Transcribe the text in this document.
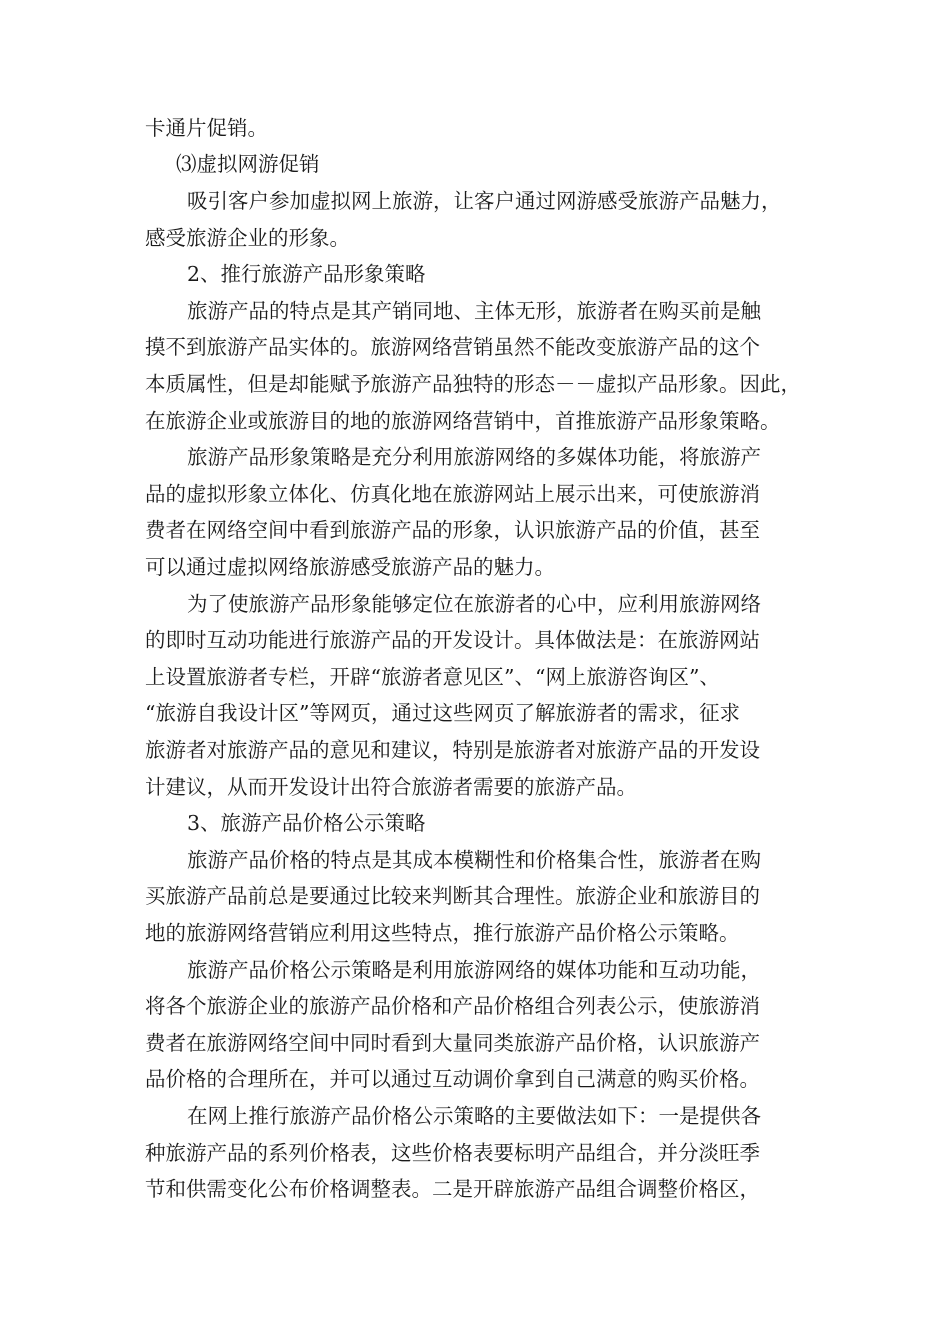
卡通片促销。

⑶虚拟网游促销

吸引客户参加虚拟网上旅游，让客户通过网游感受旅游产品魅力，

感受旅游企业的形象。

2、推行旅游产品形象策略

旅游产品的特点是其产销同地、主体无形，旅游者在购买前是触

摸不到旅游产品实体的。旅游网络营销虽然不能改变旅游产品的这个

本质属性，但是却能赋予旅游产品独特的形态－－虚拟产品形象。因此，

在旅游企业或旅游目的地的旅游网络营销中，首推旅游产品形象策略。

旅游产品形象策略是充分利用旅游网络的多媒体功能，将旅游产

品的虚拟形象立体化、仿真化地在旅游网站上展示出来，可使旅游消

费者在网络空间中看到旅游产品的形象，认识旅游产品的价值，甚至

可以通过虚拟网络旅游感受旅游产品的魅力。

为了使旅游产品形象能够定位在旅游者的心中，应利用旅游网络

的即时互动功能进行旅游产品的开发设计。具体做法是：在旅游网站

上设置旅游者专栏，开辟“旅游者意见区”、“网上旅游咨询区”、

“旅游自我设计区”等网页，通过这些网页了解旅游者的需求，征求

旅游者对旅游产品的意见和建议，特别是旅游者对旅游产品的开发设

计建议，从而开发设计出符合旅游者需要的旅游产品。

3、旅游产品价格公示策略

旅游产品价格的特点是其成本模糊性和价格集合性，旅游者在购

买旅游产品前总是要通过比较来判断其合理性。旅游企业和旅游目的

地的旅游网络营销应利用这些特点，推行旅游产品价格公示策略。

旅游产品价格公示策略是利用旅游网络的媒体功能和互动功能，

将各个旅游企业的旅游产品价格和产品价格组合列表公示，使旅游消

费者在旅游网络空间中同时看到大量同类旅游产品价格，认识旅游产

品价格的合理所在，并可以通过互动调价拿到自己满意的购买价格。

在网上推行旅游产品价格公示策略的主要做法如下：一是提供各

种旅游产品的系列价格表，这些价格表要标明产品组合，并分淡旺季

节和供需变化公布价格调整表。二是开辟旅游产品组合调整价格区，
